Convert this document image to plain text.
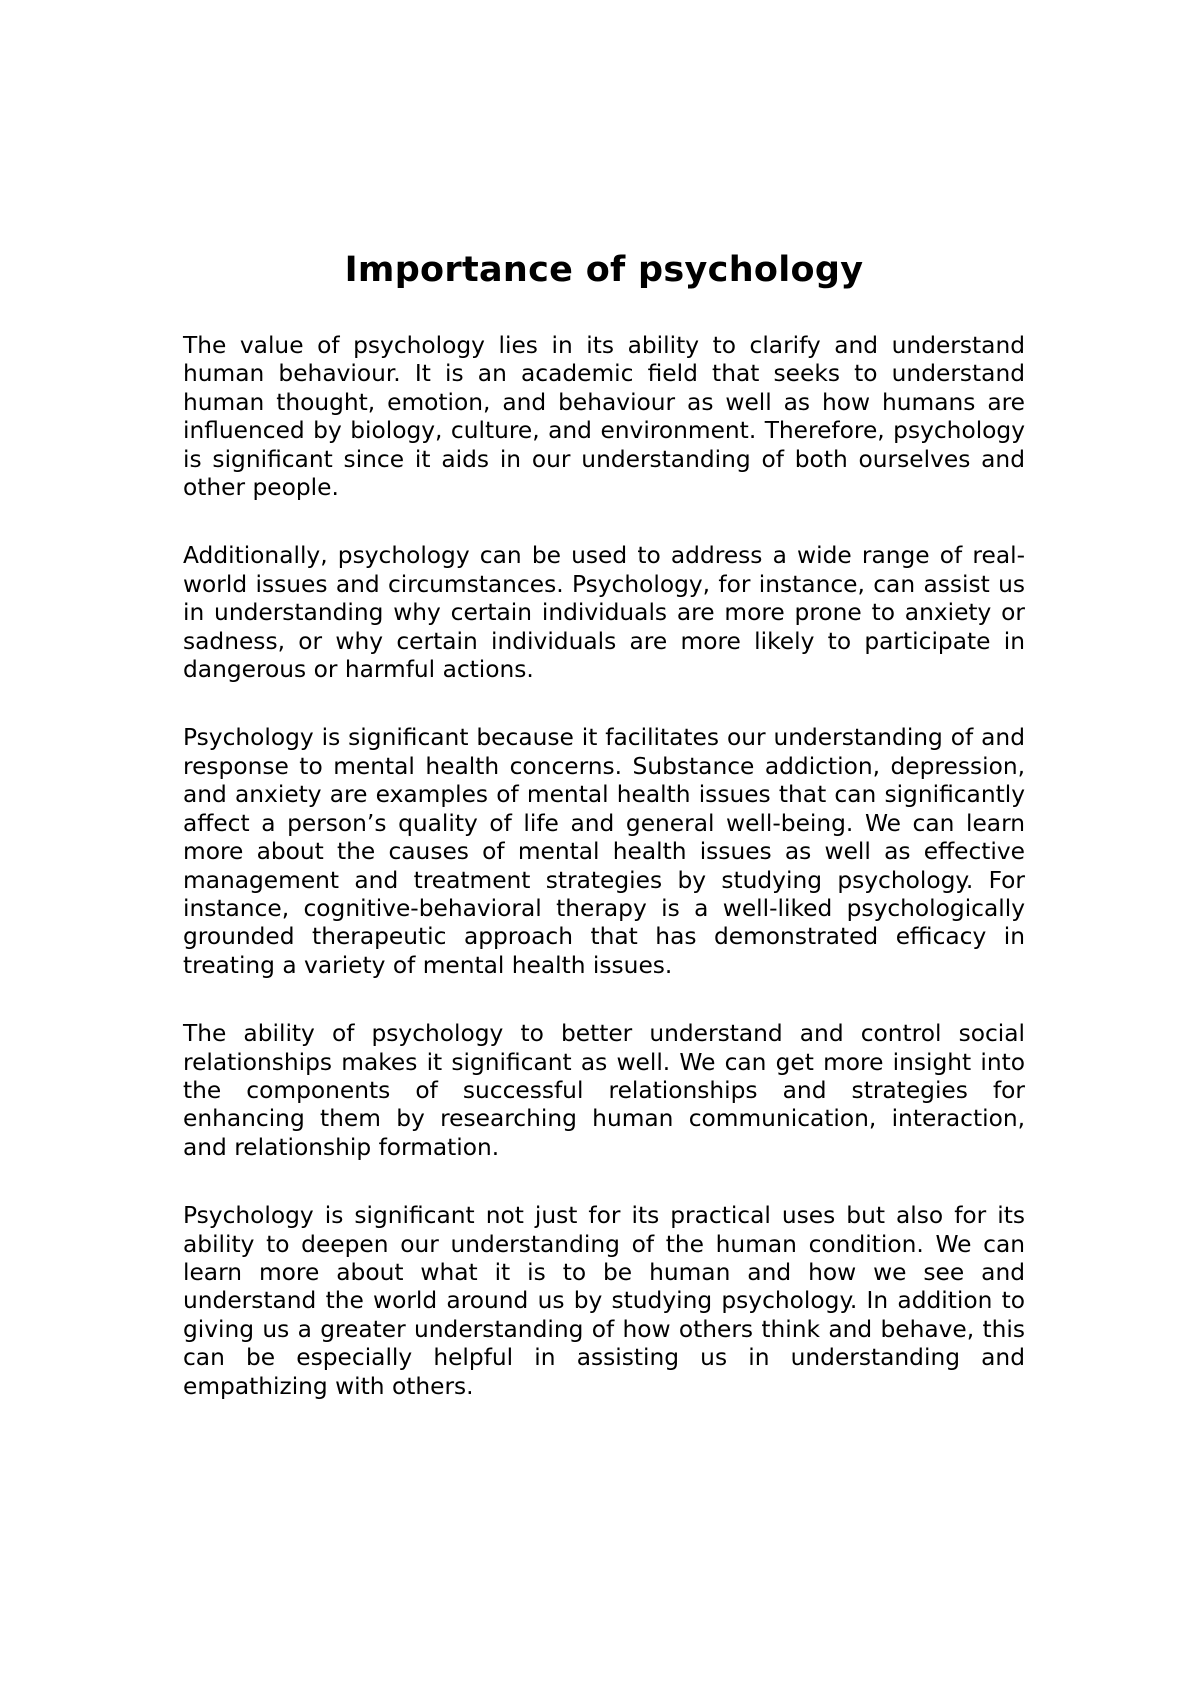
Importance of psychology

The value of psychology lies in its ability to clarify and understand human behaviour. It is an academic field that seeks to understand human thought, emotion, and behaviour as well as how humans are influenced by biology, culture, and environment. Therefore, psychology is significant since it aids in our understanding of both ourselves and other people.

Additionally, psychology can be used to address a wide range of real-world issues and circumstances. Psychology, for instance, can assist us in understanding why certain individuals are more prone to anxiety or sadness, or why certain individuals are more likely to participate in dangerous or harmful actions.

Psychology is significant because it facilitates our understanding of and response to mental health concerns. Substance addiction, depression, and anxiety are examples of mental health issues that can significantly affect a person’s quality of life and general well-being. We can learn more about the causes of mental health issues as well as effective management and treatment strategies by studying psychology. For instance, cognitive-behavioral therapy is a well-liked psychologically grounded therapeutic approach that has demonstrated efficacy in treating a variety of mental health issues.

The ability of psychology to better understand and control social relationships makes it significant as well. We can get more insight into the components of successful relationships and strategies for enhancing them by researching human communication, interaction, and relationship formation.

Psychology is significant not just for its practical uses but also for its ability to deepen our understanding of the human condition. We can learn more about what it is to be human and how we see and understand the world around us by studying psychology. In addition to giving us a greater understanding of how others think and behave, this can be especially helpful in assisting us in understanding and empathizing with others.
